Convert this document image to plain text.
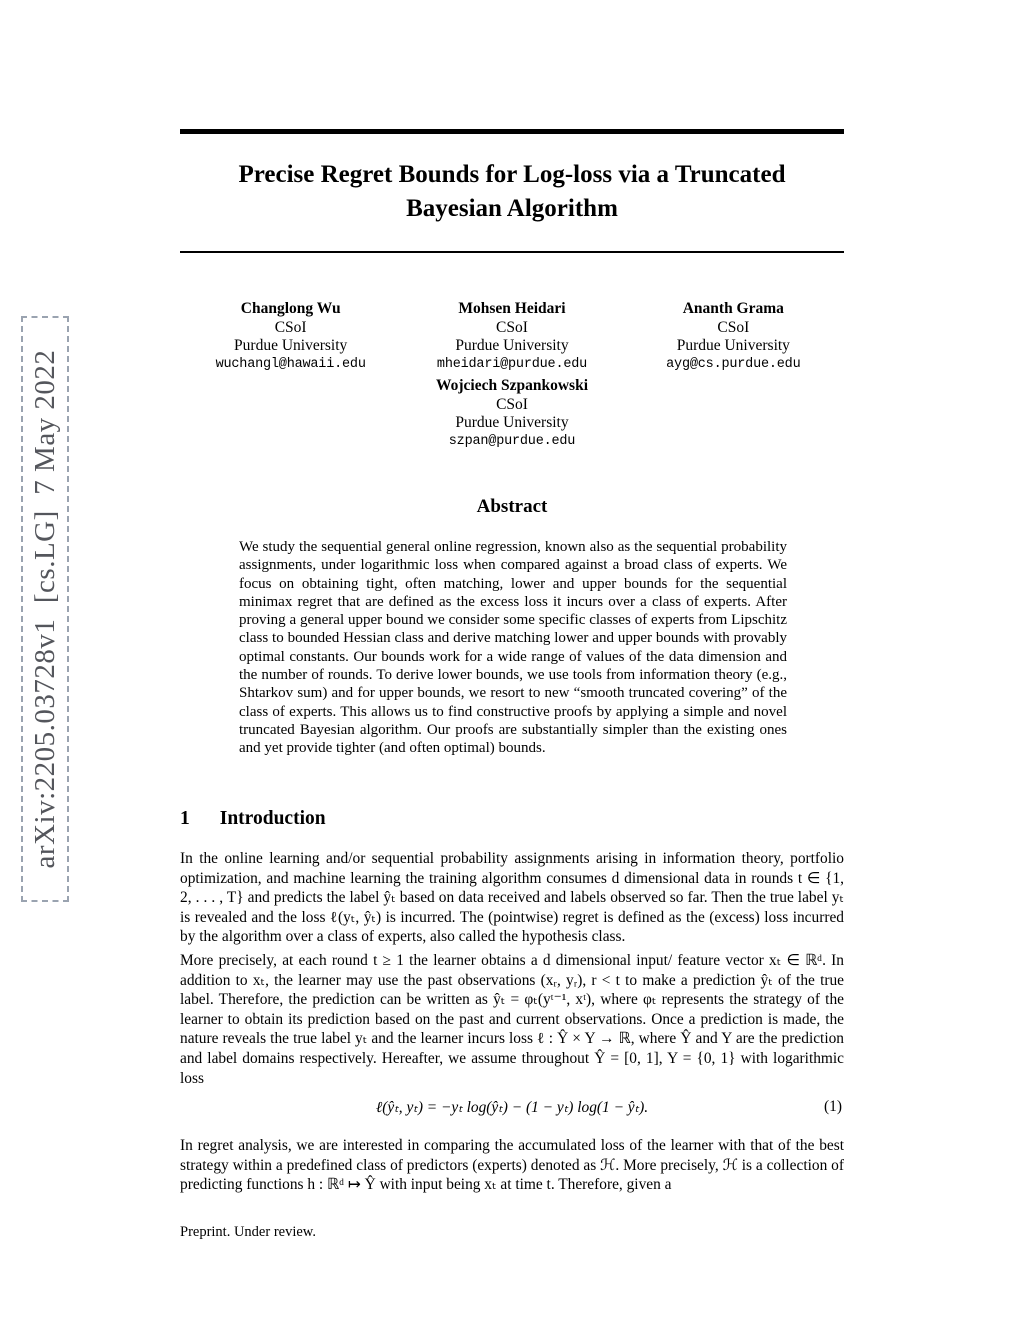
arXiv:2205.03728v1  [cs.LG]  7 May 2022
Precise Regret Bounds for Log-loss via a Truncated Bayesian Algorithm
Changlong Wu
CSoI
Purdue University
wuchangl@hawaii.edu
Mohsen Heidari
CSoI
Purdue University
mheidari@purdue.edu
Ananth Grama
CSoI
Purdue University
ayg@cs.purdue.edu
Wojciech Szpankowski
CSoI
Purdue University
szpan@purdue.edu
Abstract

We study the sequential general online regression, known also as the sequential probability assignments, under logarithmic loss when compared against a broad class of experts. We focus on obtaining tight, often matching, lower and upper bounds for the sequential minimax regret that are defined as the excess loss it incurs over a class of experts. After proving a general upper bound we consider some specific classes of experts from Lipschitz class to bounded Hessian class and derive matching lower and upper bounds with provably optimal constants. Our bounds work for a wide range of values of the data dimension and the number of rounds. To derive lower bounds, we use tools from information theory (e.g., Shtarkov sum) and for upper bounds, we resort to new “smooth truncated covering” of the class of experts. This allows us to find constructive proofs by applying a simple and novel truncated Bayesian algorithm. Our proofs are substantially simpler than the existing ones and yet provide tighter (and often optimal) bounds.

1 Introduction

In the online learning and/or sequential probability assignments arising in information theory, portfolio optimization, and machine learning the training algorithm consumes d dimensional data in rounds t ∈ {1, 2, . . . , T} and predicts the label ŷₜ based on data received and labels observed so far. Then the true label yₜ is revealed and the loss ℓ(yₜ, ŷₜ) is incurred. The (pointwise) regret is defined as the (excess) loss incurred by the algorithm over a class of experts, also called the hypothesis class.

More precisely, at each round t ≥ 1 the learner obtains a d dimensional input/ feature vector xₜ ∈ ℝᵈ. In addition to xₜ, the learner may use the past observations (xᵣ, yᵣ), r < t to make a prediction ŷₜ of the true label. Therefore, the prediction can be written as ŷₜ = φₜ(yᵗ⁻¹, xᵗ), where φₜ represents the strategy of the learner to obtain its prediction based on the past and current observations. Once a prediction is made, the nature reveals the true label yₜ and the learner incurs loss ℓ : Ŷ × Y → ℝ, where Ŷ and Y are the prediction and label domains respectively. Hereafter, we assume throughout Ŷ = [0, 1], Y = {0, 1} with logarithmic loss

ℓ(ŷₜ, yₜ) = −yₜ log(ŷₜ) − (1 − yₜ) log(1 − ŷₜ).	(1)

In regret analysis, we are interested in comparing the accumulated loss of the learner with that of the best strategy within a predefined class of predictors (experts) denoted as ℋ. More precisely, ℋ is a collection of predicting functions h : ℝᵈ ↦ Ŷ with input being xₜ at time t. Therefore, given a

Preprint. Under review.
